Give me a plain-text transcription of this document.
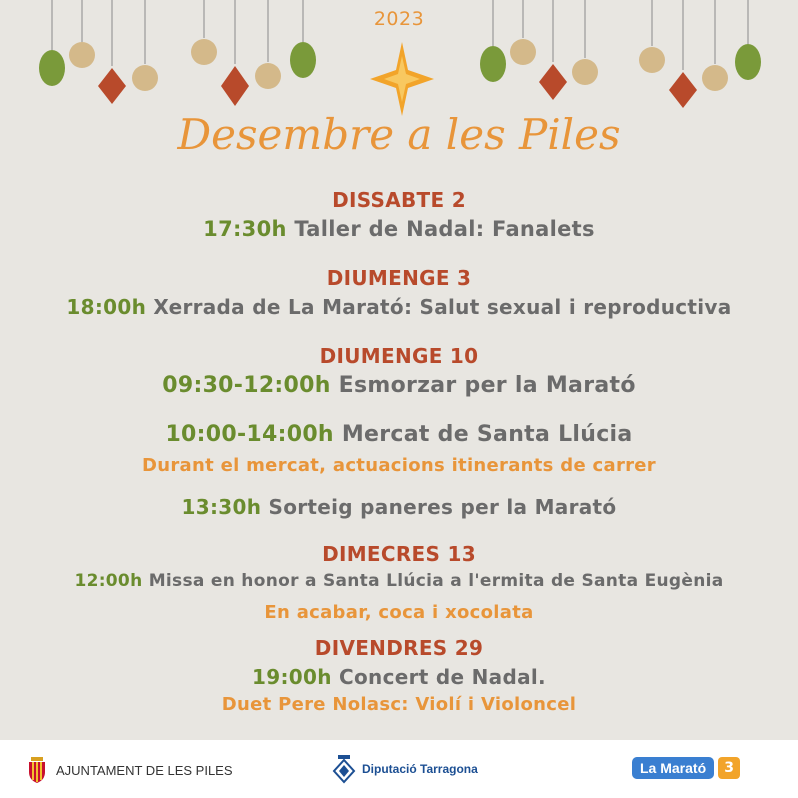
2023
Desembre a les Piles
DISSABTE 2
17:30h Taller de Nadal: Fanalets
DIUMENGE 3
18:00h Xerrada de La Marató: Salut sexual i reproductiva
DIUMENGE 10
09:30-12:00h Esmorzar per la Marató
10:00-14:00h Mercat de Santa Llúcia
Durant el mercat, actuacions itinerants de carrer
13:30h Sorteig paneres per la Marató
DIMECRES 13
12:00h Missa en honor a Santa Llúcia a l'ermita de Santa Eugènia
En acabar, coca i xocolata
DIVENDRES 29
19:00h Concert de Nadal.
Duet Pere Nolasc: Violí i Violoncel
AJUNTAMENT DE LES PILES	Diputació Tarragona	La Marató	3
